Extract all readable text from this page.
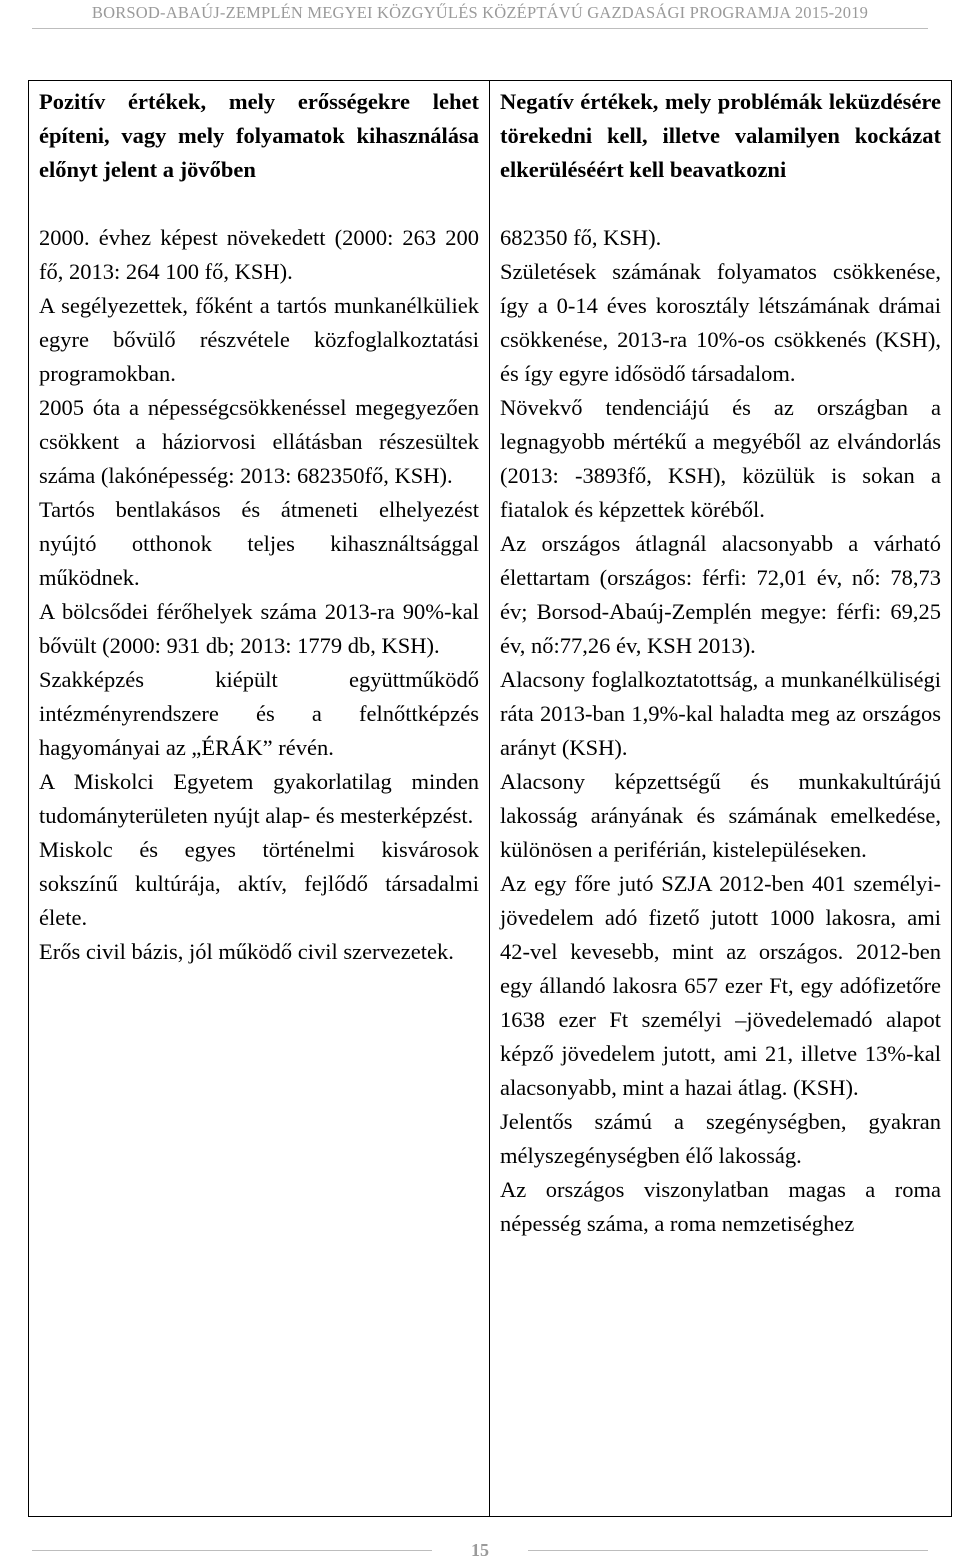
BORSOD-ABAÚJ-ZEMPLÉN MEGYEI KÖZGYŰLÉS KÖZÉPTÁVÚ GAZDASÁGI PROGRAMJA 2015-2019
Pozitív értékek, mely erősségekre lehet építeni, vagy mely folyamatok kihasználása előnyt jelent a jövőben
2000. évhez képest növekedett (2000: 263 200 fő, 2013: 264 100 fő, KSH).
A segélyezettek, főként a tartós munkanélküliek egyre bővülő részvétele közfoglalkoztatási programokban.
2005 óta a népességcsökkenéssel megegyezően csökkent a háziorvosi ellátásban részesültek száma (lakónépesség: 2013: 682350fő, KSH).
Tartós bentlakásos és átmeneti elhelyezést nyújtó otthonok teljes kihasználtsággal működnek.
A bölcsődei férőhelyek száma 2013-ra 90%-kal bővült (2000: 931 db; 2013: 1779 db, KSH).
Szakképzés kiépült együttműködő intézményrendszere és a felnőttképzés hagyományai az „ÉRÁK” révén.
A Miskolci Egyetem gyakorlatilag minden tudományterületen nyújt alap- és mesterképzést.
Miskolc és egyes történelmi kisvárosok sokszínű kultúrája, aktív, fejlődő társadalmi élete.
Erős civil bázis, jól működő civil szervezetek.
Negatív értékek, mely problémák leküzdésére törekedni kell, illetve valamilyen kockázat elkerüléséért kell beavatkozni
682350 fő, KSH).
Születések számának folyamatos csökkenése, így a 0-14 éves korosztály létszámának drámai csökkenése, 2013-ra 10%-os csökkenés (KSH), és így egyre idősödő társadalom.
Növekvő tendenciájú és az országban a legnagyobb mértékű a megyéből az elvándorlás (2013: -3893fő, KSH), közülük is sokan a fiatalok és képzettek köréből.
Az országos átlagnál alacsonyabb a várható élettartam (országos: férfi: 72,01 év, nő: 78,73 év; Borsod-Abaúj-Zemplén megye: férfi: 69,25 év, nő:77,26 év, KSH 2013).
Alacsony foglalkoztatottság, a munkanélküliségi ráta 2013-ban 1,9%-kal haladta meg az országos arányt (KSH).
Alacsony képzettségű és munkakultúrájú lakosság arányának és számának emelkedése, különösen a periférián, kistelepüléseken.
Az egy főre jutó SZJA 2012-ben 401 személyi-jövedelem adó fizető jutott 1000 lakosra, ami 42-vel kevesebb, mint az országos. 2012-ben egy állandó lakosra 657 ezer Ft, egy adófizetőre 1638 ezer Ft személyi –jövedelemadó alapot képző jövedelem jutott, ami 21, illetve 13%-kal alacsonyabb, mint a hazai átlag. (KSH).
Jelentős számú a szegénységben, gyakran mélyszegénységben élő lakosság.
Az országos viszonylatban magas a roma népesség száma, a roma nemzetiséghez
15
